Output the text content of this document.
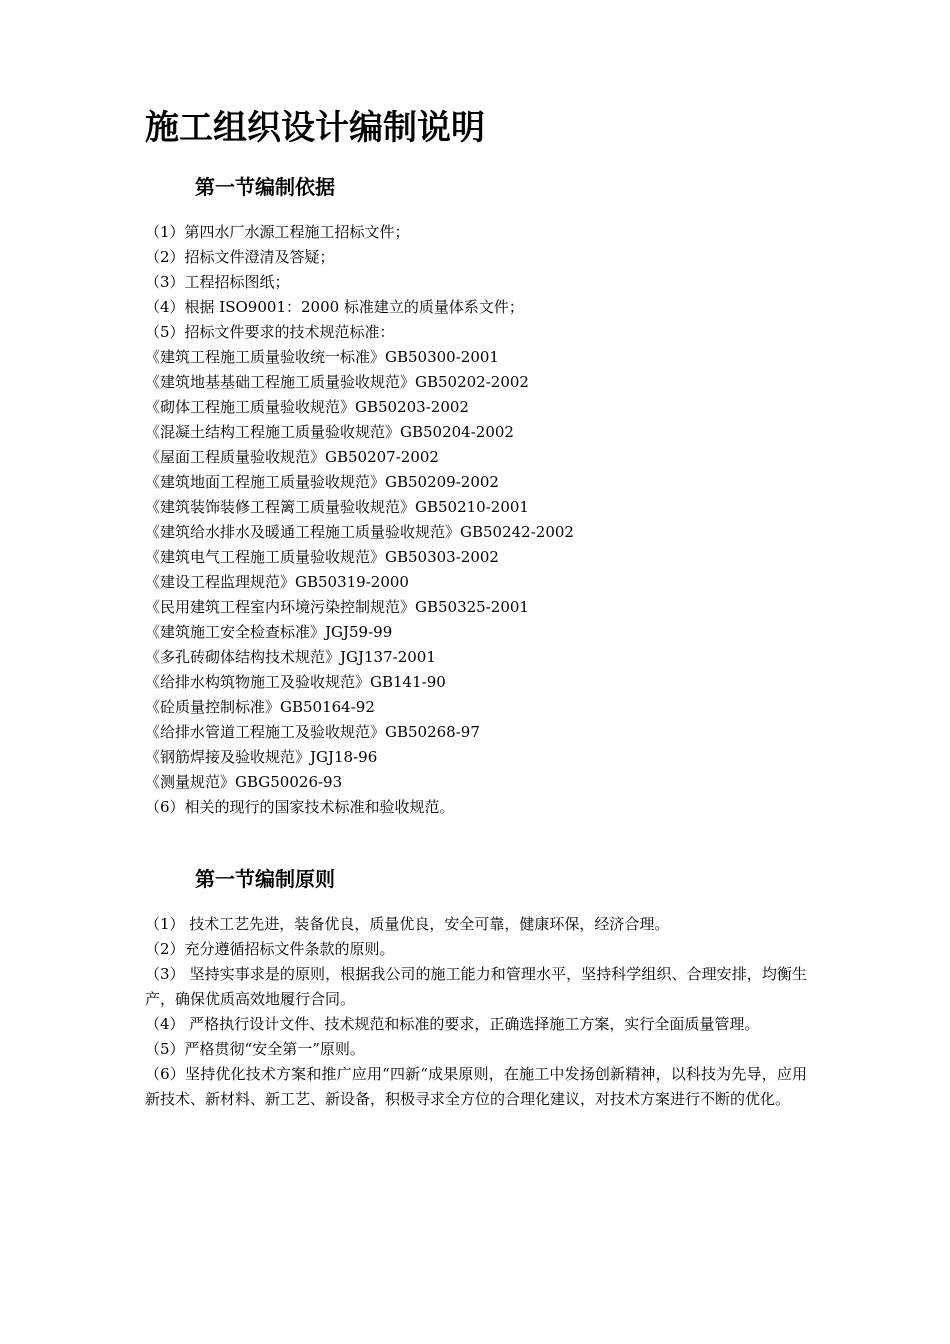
施工组织设计编制说明
第一节编制依据
（1）第四水厂水源工程施工招标文件；
（2）招标文件澄清及答疑；
（3）工程招标图纸；
（4）根据 ISO9001：2000 标准建立的质量体系文件；
（5）招标文件要求的技术规范标准：
《建筑工程施工质量验收统一标准》GB50300-2001
《建筑地基基础工程施工质量验收规范》GB50202-2002
《砌体工程施工质量验收规范》GB50203-2002
《混凝土结构工程施工质量验收规范》GB50204-2002
《屋面工程质量验收规范》GB50207-2002
《建筑地面工程施工质量验收规范》GB50209-2002
《建筑装饰装修工程篱工质量验收规范》GB50210-2001
《建筑给水排水及暖通工程施工质量验收规范》GB50242-2002
《建筑电气工程施工质量验收规范》GB50303-2002
《建设工程监理规范》GB50319-2000
《民用建筑工程室内环境污染控制规范》GB50325-2001
《建筑施工安全检查标准》JGJ59-99
《多孔砖砌体结构技术规范》JGJ137-2001
《给排水构筑物施工及验收规范》GB141-90
《砼质量控制标准》GB50164-92
《给排水管道工程施工及验收规范》GB50268-97
《钢筋焊接及验收规范》JGJ18-96
《测量规范》GBG50026-93
（6）相关的现行的国家技术标准和验收规范。
第一节编制原则
（1） 技术工艺先进，装备优良，质量优良，安全可靠，健康环保，经济合理。
（2）充分遵循招标文件条款的原则。
（3） 坚持实事求是的原则，根据我公司的施工能力和管理水平，坚持科学组织、合理安排，均衡生产，确保优质高效地履行合同。
（4） 严格执行设计文件、技术规范和标准的要求，正确选择施工方案，实行全面质量管理。
（5）严格贯彻“安全第一”原则。
（6）坚持优化技术方案和推广应用“四新“成果原则，在施工中发扬创新精神，以科技为先导，应用新技术、新材料、新工艺、新设备，积极寻求全方位的合理化建议，对技术方案进行不断的优化。
